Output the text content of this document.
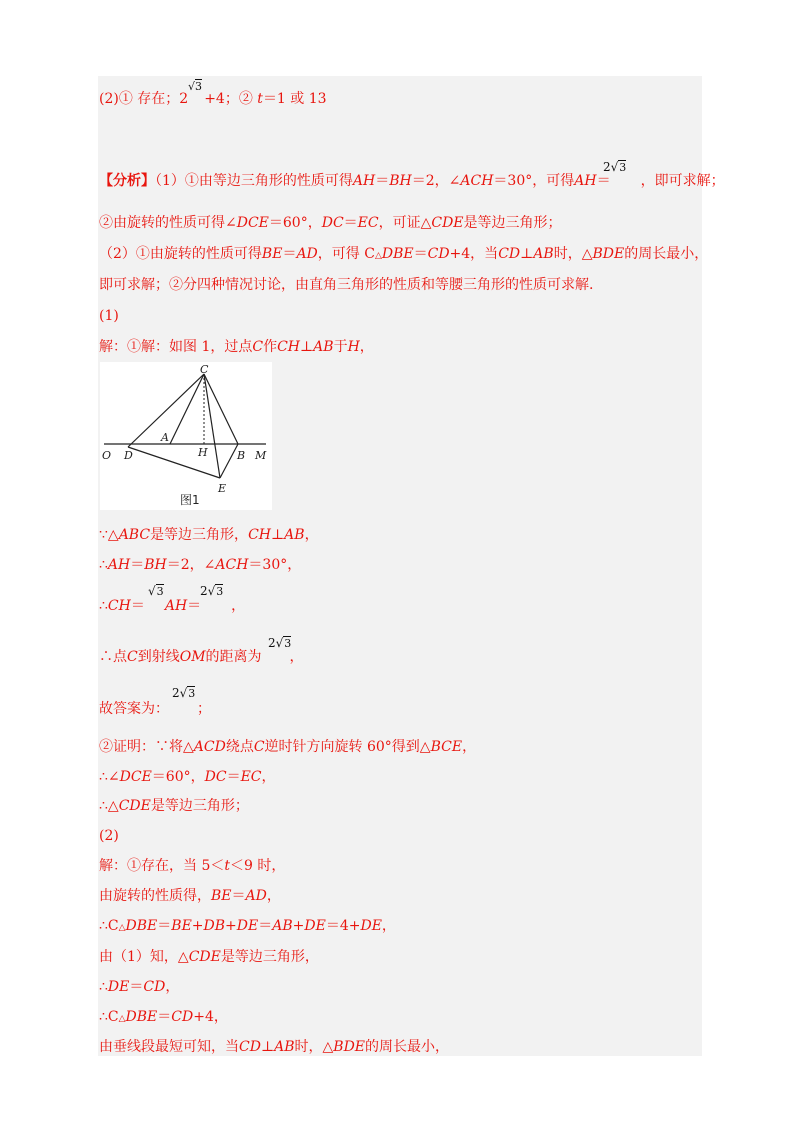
(2)① 存在；2 +4；② t＝1 或 13
√3
【分析】（1）①由等边三角形的性质可得AH＝BH＝2，∠ACH＝30°，可得AH＝ ，即可求解；
2√3
②由旋转的性质可得∠DCE＝60°，DC＝EC，可证△CDE是等边三角形；
（2）①由旋转的性质可得BE＝AD，可得 C△DBE＝CD+4，当CD⊥AB时，△BDE的周长最小，
即可求解；②分四种情况讨论，由直角三角形的性质和等腰三角形的性质可求解.
(1)
解：①解：如图 1，过点C作CH⊥AB于H，
C
A
H
O D	B M
E
图1
∵△ABC是等边三角形，CH⊥AB，
∴AH＝BH＝2，∠ACH＝30°，
∴CH＝ AH＝ ，
√3	2√3
∴点C到射线OM的距离为 ，
2√3
故答案为： ；
2√3
②证明：∵将△ACD绕点C逆时针方向旋转 60°得到△BCE，
∴∠DCE＝60°，DC＝EC，
∴△CDE是等边三角形；
(2)
解：①存在，当 5＜t＜9 时，
由旋转的性质得，BE＝AD，
∴C△DBE＝BE+DB+DE＝AB+DE＝4+DE，
由（1）知，△CDE是等边三角形，
∴DE＝CD，
∴C△DBE＝CD+4，
由垂线段最短可知，当CD⊥AB时，△BDE的周长最小，
